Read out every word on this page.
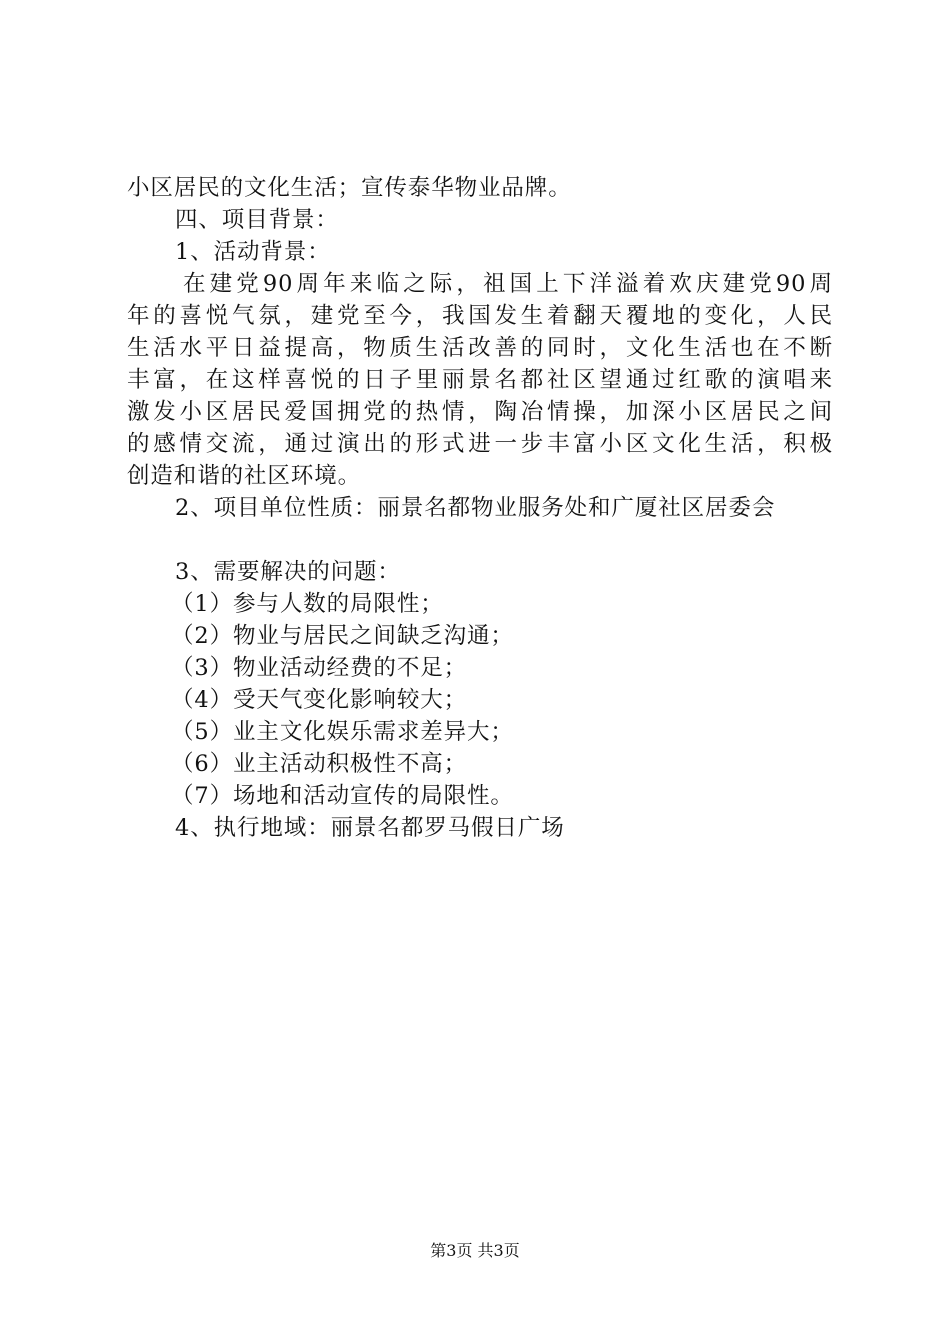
小区居民的文化生活；宣传泰华物业品牌。
四、项目背景：
1、活动背景：
在建党90周年来临之际，祖国上下洋溢着欢庆建党90周
年的喜悦气氛，建党至今，我国发生着翻天覆地的变化，人民
生活水平日益提高，物质生活改善的同时，文化生活也在不断
丰富，在这样喜悦的日子里丽景名都社区望通过红歌的演唱来
激发小区居民爱国拥党的热情，陶冶情操，加深小区居民之间
的感情交流，通过演出的形式进一步丰富小区文化生活，积极
创造和谐的社区环境。
2、项目单位性质：丽景名都物业服务处和广厦社区居委会
3、需要解决的问题：
（1）参与人数的局限性；
（2）物业与居民之间缺乏沟通；
（3）物业活动经费的不足；
（4）受天气变化影响较大；
（5）业主文化娱乐需求差异大；
（6）业主活动积极性不高；
（7）场地和活动宣传的局限性。
4、执行地域：丽景名都罗马假日广场
第3页 共3页
